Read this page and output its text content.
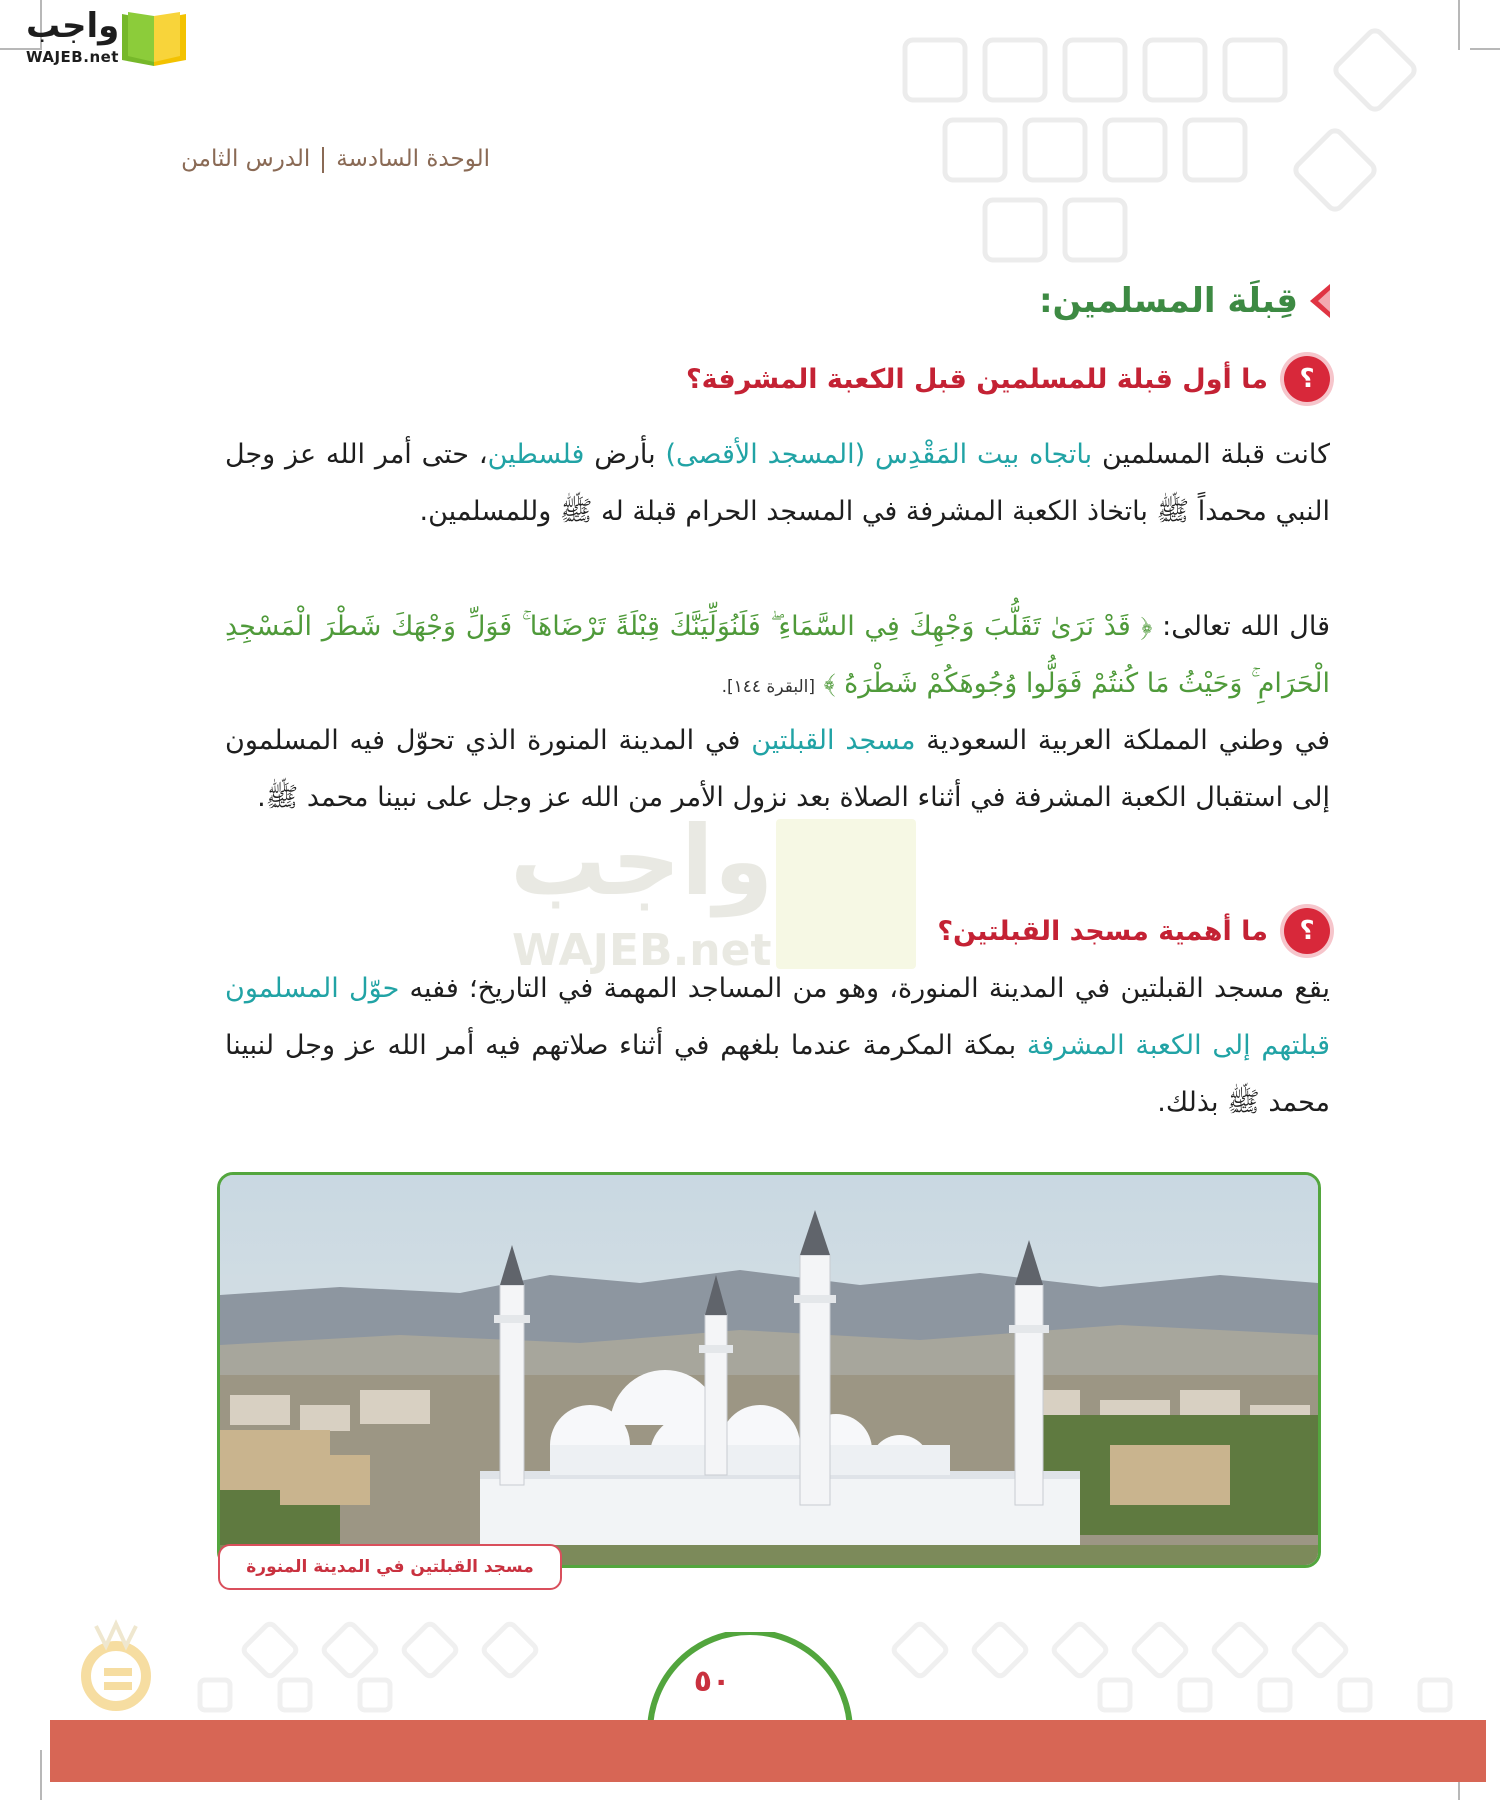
واجب
WAJEB.net
الوحدة السادسةالدرس الثامن
قِبلَة المسلمين:
؟
ما أول قبلة للمسلمين قبل الكعبة المشرفة؟

كانت قبلة المسلمين باتجاه بيت المَقْدِس (المسجد الأقصى) بأرض فلسطين، حتى أمر الله عز وجل النبي محمداً ﷺ باتخاذ الكعبة المشرفة في المسجد الحرام قبلة له ﷺ وللمسلمين.

قال الله تعالى: ﴿ قَدْ نَرَىٰ تَقَلُّبَ وَجْهِكَ فِي السَّمَاءِ ۖ فَلَنُوَلِّيَنَّكَ قِبْلَةً تَرْضَاهَا ۚ فَوَلِّ وَجْهَكَ شَطْرَ الْمَسْجِدِ الْحَرَامِ ۚ وَحَيْثُ مَا كُنتُمْ فَوَلُّوا وُجُوهَكُمْ شَطْرَهُ ﴾ [البقرة ١٤٤].

في وطني المملكة العربية السعودية مسجد القبلتين في المدينة المنورة الذي تحوّل فيه المسلمون إلى استقبال الكعبة المشرفة في أثناء الصلاة بعد نزول الأمر من الله عز وجل على نبينا محمد ﷺ.

واجب
WAJEB.net	؟
ما أهمية مسجد القبلتين؟

يقع مسجد القبلتين في المدينة المنورة، وهو من المساجد المهمة في التاريخ؛ ففيه حوّل المسلمون قبلتهم إلى الكعبة المشرفة بمكة المكرمة عندما بلغهم في أثناء صلاتهم فيه أمر الله عز وجل لنبينا محمد ﷺ بذلك.

مسجد القبلتين في المدينة المنورة
٥٠
